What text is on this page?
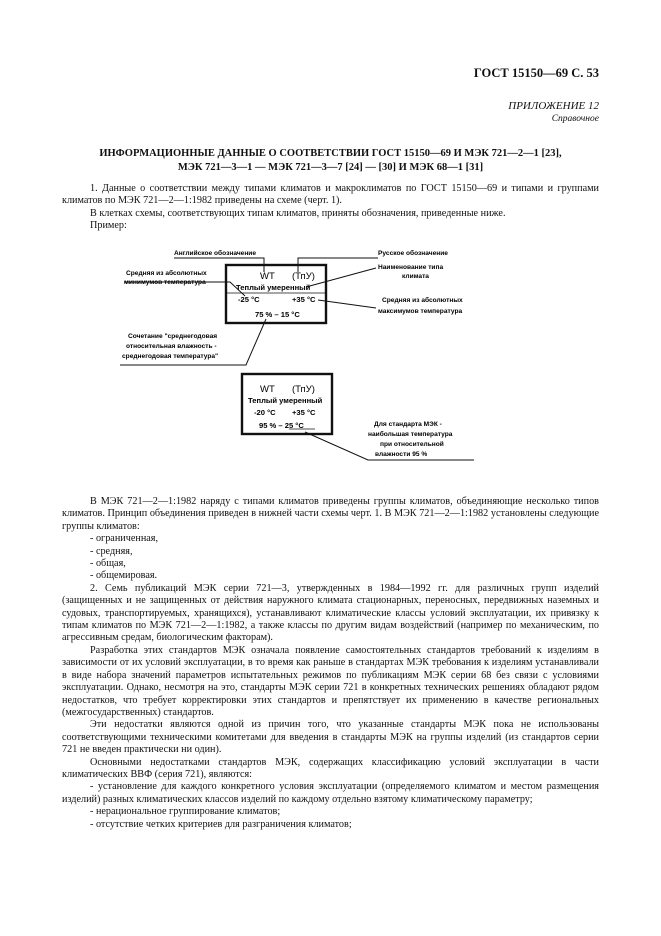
ГОСТ 15150—69 С. 53
ПРИЛОЖЕНИЕ 12
Справочное
ИНФОРМАЦИОННЫЕ ДАННЫЕ О СООТВЕТСТВИИ ГОСТ 15150—69 И МЭК 721—2—1 [23],
МЭК 721—3—1 — МЭК 721—3—7 [24] — [30] И МЭК 68—1 [31]

1. Данные о соответствии между типами климатов и макроклиматов по ГОСТ 15150—69 и типами и группами климатов по МЭК 721—2—1:1982 приведены на схеме (черт. 1).

В клетках схемы, соответствующих типам климатов, приняты обозначения, приведенные ниже.

Пример:

Английское обозначение	Русское обозначение
Наименование типа
климата
Средняя из абсолютных
минимумов температура
Средняя из абсолютных
максимумов температура
Сочетание "среднегодовая
относительная влажность -
среднегодовая температура"
Для стандарта МЭК -
наибольшая температура
при относительной
влажности 95 %
WT (ТпУ)
Теплый умеренный
-25 °C	+35 °C
75 % – 15 °C
WT (ТпУ)
Теплый умеренный
-20 °C +35 °C
95 % – 25 °C

В МЭК 721—2—1:1982 наряду с типами климатов приведены группы климатов, объединяющие несколько типов климатов. Принцип объединения приведен в нижней части схемы черт. 1. В МЭК 721—2—1:1982 установлены следующие группы климатов:

- ограниченная,

- средняя,

- общая,

- общемировая.

2. Семь публикаций МЭК серии 721—3, утвержденных в 1984—1992 гг. для различных групп изделий (защищенных и не защищенных от действия наружного климата стационарных, переносных, передвижных наземных и судовых, транспортируемых, хранящихся), устанавливают климатические классы условий эксплуатации, их привязку к типам климатов по МЭК 721—2—1:1982, а также классы по другим видам воздействий (например по механическим, по агрессивным средам, биологическим факторам).

Разработка этих стандартов МЭК означала появление самостоятельных стандартов требований к изделиям в зависимости от их условий эксплуатации, в то время как раньше в стандартах МЭК требования к изделиям устанавливали в виде набора значений параметров испытательных режимов по публикациям МЭК серии 68 без связи с условиями эксплуатации. Однако, несмотря на это, стандарты МЭК серии 721 в конкретных технических решениях обладают рядом недостатков, что требует корректировки этих стандартов и препятствует их применению в качестве региональных (межгосударственных) стандартов.

Эти недостатки являются одной из причин того, что указанные стандарты МЭК пока не использованы соответствующими техническими комитетами для введения в стандарты МЭК на группы изделий (из стандартов серии 721 не введен практически ни один).

Основными недостатками стандартов МЭК, содержащих классификацию условий эксплуатации в части климатических ВВФ (серия 721), являются:

- установление для каждого конкретного условия эксплуатации (определяемого климатом и местом размещения изделий) разных климатических классов изделий по каждому отдельно взятому климатическому параметру;

- нерациональное группирование климатов;

- отсутствие четких критериев для разграничения климатов;
